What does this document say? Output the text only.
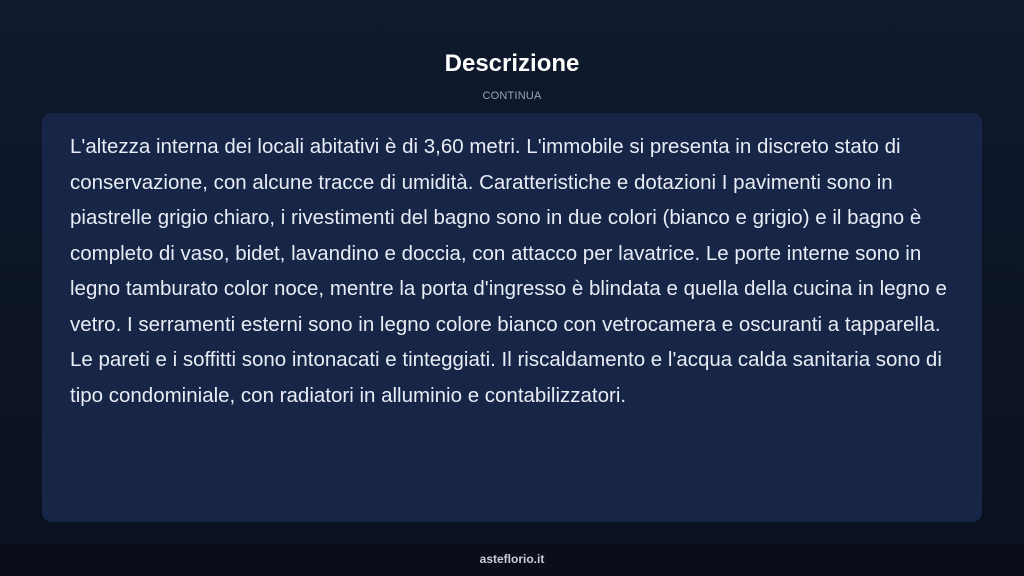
Descrizione
CONTINUA

L'altezza interna dei locali abitativi è di 3,60 metri. L'immobile si presenta in discreto stato di conservazione, con alcune tracce di umidità. Caratteristiche e dotazioni I pavimenti sono in piastrelle grigio chiaro, i rivestimenti del bagno sono in due colori (bianco e grigio) e il bagno è completo di vaso, bidet, lavandino e doccia, con attacco per lavatrice. Le porte interne sono in legno tamburato color noce, mentre la porta d'ingresso è blindata e quella della cucina in legno e vetro. I serramenti esterni sono in legno colore bianco con vetrocamera e oscuranti a tapparella. Le pareti e i soffitti sono intonacati e tinteggiati. Il riscaldamento e l'acqua calda sanitaria sono di tipo condominiale, con radiatori in alluminio e contabilizzatori.

asteflorio.it
